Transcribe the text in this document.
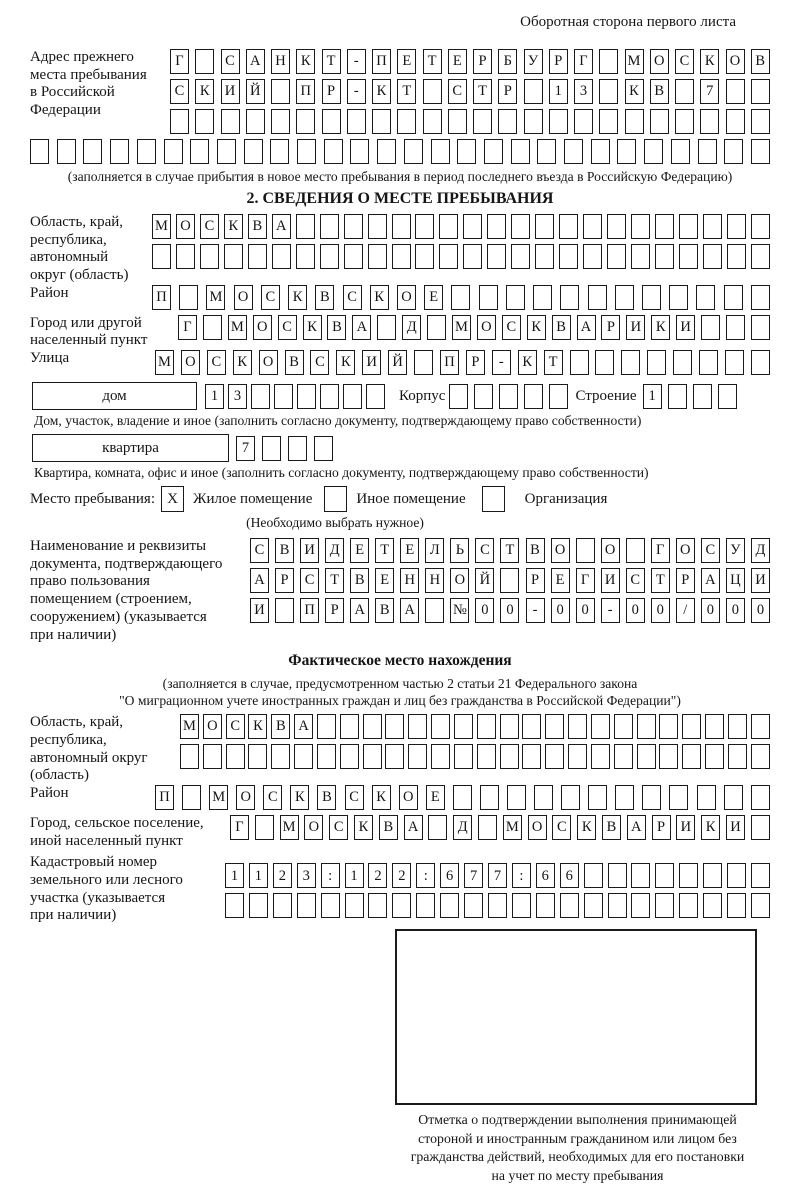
Оборотная сторона первого листа
Адрес прежнего
места пребывания
в Российской
Федерации
Г	С	А Н	К	Т	-	П	Е	Т	Е	Р	Б	У	Р	Г	М О	С	К	О	В
С	К	И Й	П	Р	-	К	Т	С	Т	Р	1	3	К	В	7
(заполняется в случае прибытия в новое место пребывания в период последнего въезда в Российскую Федерацию)
2. СВЕДЕНИЯ О МЕСТЕ ПРЕБЫВАНИЯ
Область, край,
республика,
автономный
округ (область)
М О С К В А
Район	П	М О	С	К	В	С	К	О	Е
Город или другой
населенный пункт
Г	М О	С	К	В	А	Д	М О	С	К	В	А	Р	И	К	И
Улица	М О	С	К	О	В	С	К	И Й	П	Р	-	К	Т
дом	1	3	Корпус	Строение 1
Дом, участок, владение и иное (заполнить согласно документу, подтверждающему право собственности)
квартира	7
Квартира, комната, офис и иное (заполнить согласно документу, подтверждающему право собственности)
Место пребывания: X	Жилое помещение	Иное помещение	Организация
(Необходимо выбрать нужное)
Наименование и реквизиты
документа, подтверждающего
право пользования
помещением (строением,
сооружением) (указывается
при наличии)
С	В	И	Д	Е	Т	Е	Л	Ь	С	Т	В	О	О	Г	О	С	У	Д
А	Р	С	Т	В	Е	Н Н О Й	Р	Е	Г	И	С	Т	Р	А Ц И
И	П	Р	А	В	А	№	0	0	-	0	0	-	0	0	/	0	0	0
Фактическое место нахождения
(заполняется в случае, предусмотренном частью 2 статьи 21 Федерального закона
"О миграционном учете иностранных граждан и лиц без гражданства в Российской Федерации")
Область, край,
республика,
автономный округ
(область)
М О С К В А
Район	П	М О	С	К	В	С	К	О	Е
Город, сельское поселение,
иной населенный пункт
Г	М О	С	К	В	А	Д	М О	С	К	В	А	Р	И	К	И
Кадастровый номер
земельного или лесного
участка (указывается
при наличии)
1	1	2	3	:	1	2	2	:	6	7	7	:	6	6
Отметка о подтверждении выполнения принимающей
стороной и иностранным гражданином или лицом без
гражданства действий, необходимых для его постановки
на учет по месту пребывания
